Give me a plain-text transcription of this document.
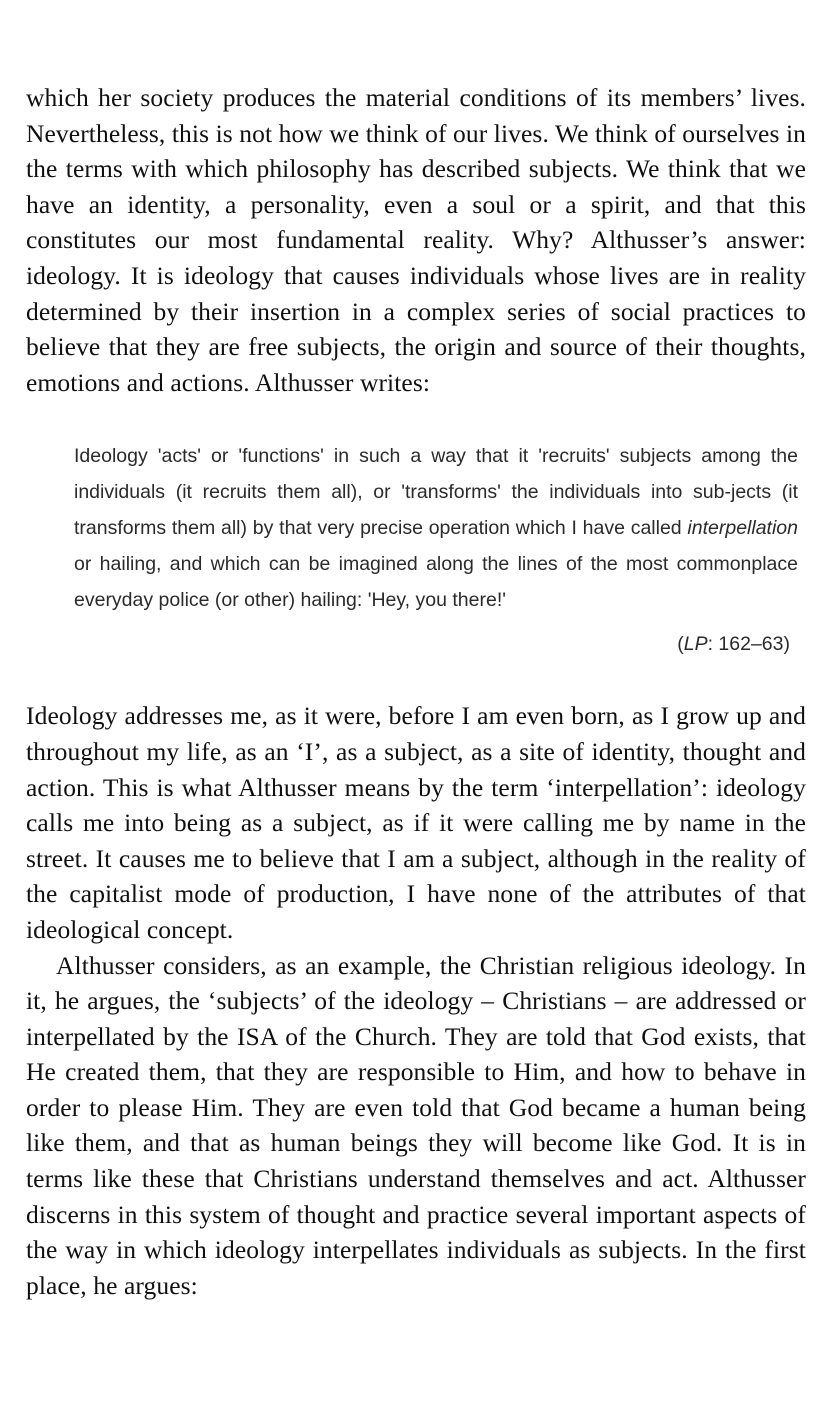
which her society produces the material conditions of its members’ lives. Nevertheless, this is not how we think of our lives. We think of ourselves in the terms with which philosophy has described subjects. We think that we have an identity, a personality, even a soul or a spirit, and that this constitutes our most fundamental reality. Why? Althusser’s answer: ideology. It is ideology that causes individuals whose lives are in reality determined by their insertion in a complex series of social practices to believe that they are free subjects, the origin and source of their thoughts, emotions and actions. Althusser writes:

Ideology 'acts' or 'functions' in such a way that it 'recruits' subjects among the individuals (it recruits them all), or 'transforms' the individuals into sub-jects (it transforms them all) by that very precise operation which I have called interpellation or hailing, and which can be imagined along the lines of the most commonplace everyday police (or other) hailing: 'Hey, you there!'

(LP: 162–63)

Ideology addresses me, as it were, before I am even born, as I grow up and throughout my life, as an ‘I’, as a subject, as a site of identity, thought and action. This is what Althusser means by the term ‘interpellation’: ideology calls me into being as a subject, as if it were calling me by name in the street. It causes me to believe that I am a subject, although in the reality of the capitalist mode of production, I have none of the attributes of that ideological concept.

Althusser considers, as an example, the Christian religious ideology. In it, he argues, the ‘subjects’ of the ideology – Christians – are addressed or interpellated by the ISA of the Church. They are told that God exists, that He created them, that they are responsible to Him, and how to behave in order to please Him. They are even told that God became a human being like them, and that as human beings they will become like God. It is in terms like these that Christians understand themselves and act. Althusser discerns in this system of thought and practice several important aspects of the way in which ideology interpellates individuals as subjects. In the first place, he argues:
